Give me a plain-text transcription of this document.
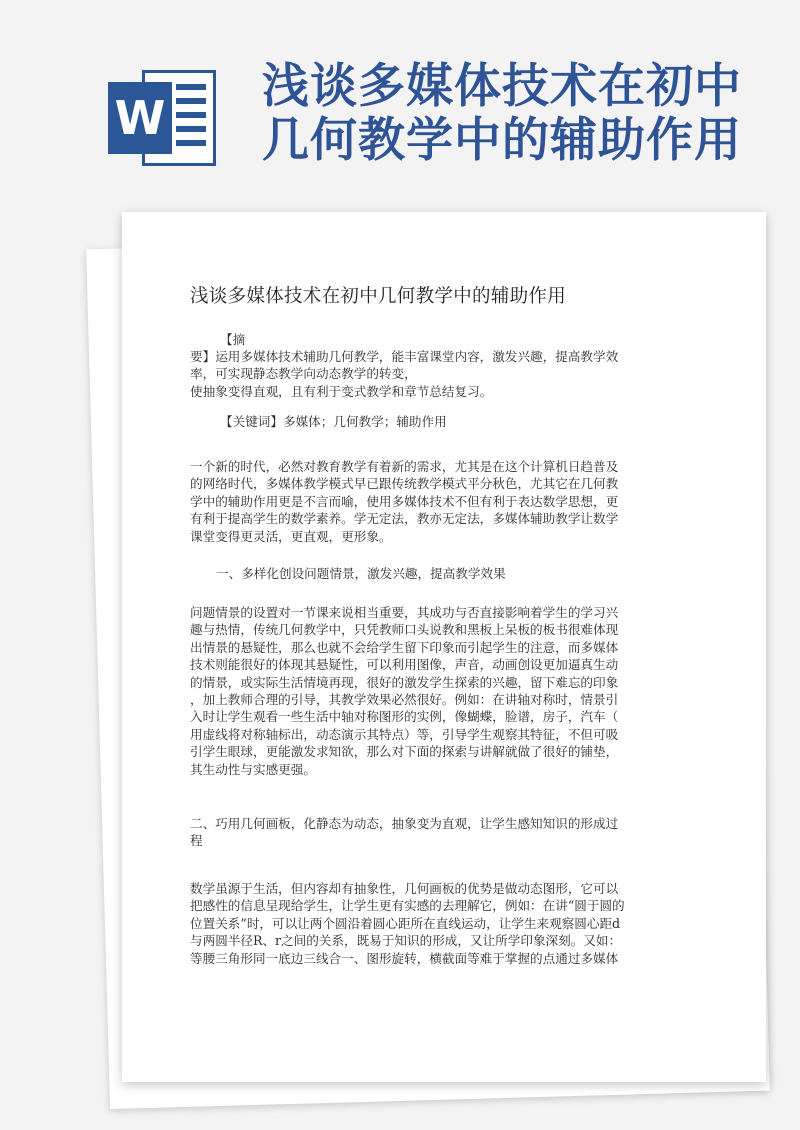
W
浅谈多媒体技术在初中
几何教学中的辅助作用
浅谈多媒体技术在初中几何教学中的辅助作用
【摘
要】运用多媒体技术辅助几何教学，能丰富课堂内容，激发兴趣，提高教学效
率，可实现静态教学向动态教学的转变，
使抽象变得直观，且有利于变式教学和章节总结复习。
【关键词】多媒体；几何教学；辅助作用
一个新的时代，必然对教育教学有着新的需求，尤其是在这个计算机日趋普及
的网络时代，多媒体教学模式早已跟传统教学模式平分秋色，尤其它在几何教
学中的辅助作用更是不言而喻，使用多媒体技术不但有利于表达数学思想，更
有利于提高学生的数学素养。学无定法，教亦无定法，多媒体辅助教学让数学
课堂变得更灵活，更直观，更形象。
一、多样化创设问题情景，激发兴趣，提高教学效果
问题情景的设置对一节课来说相当重要，其成功与否直接影响着学生的学习兴
趣与热情，传统几何教学中，只凭教师口头说教和黑板上呆板的板书很难体现
出情景的悬疑性，那么也就不会给学生留下印象而引起学生的注意，而多媒体
技术则能很好的体现其悬疑性，可以利用图像，声音，动画创设更加逼真生动
的情景，或实际生活情境再现，很好的激发学生探索的兴趣，留下难忘的印象
，加上教师合理的引导，其教学效果必然很好。例如：在讲轴对称时，情景引
入时让学生观看一些生活中轴对称图形的实例，像蝴蝶，脸谱，房子，汽车（
用虚线将对称轴标出，动态演示其特点）等，引导学生观察其特征，不但可吸
引学生眼球，更能激发求知欲，那么对下面的探索与讲解就做了很好的铺垫，
其生动性与实感更强。
二、巧用几何画板，化静态为动态，抽象变为直观，让学生感知知识的形成过
程
数学虽源于生活，但内容却有抽象性，几何画板的优势是做动态图形，它可以
把感性的信息呈现给学生，让学生更有实感的去理解它，例如：在讲“圆于圆的
位置关系”时，可以让两个圆沿着圆心距所在直线运动，让学生来观察圆心距d
与两圆半径R、r之间的关系，既易于知识的形成，又让所学印象深刻。又如：
等腰三角形同一底边三线合一、图形旋转，横截面等难于掌握的点通过多媒体
